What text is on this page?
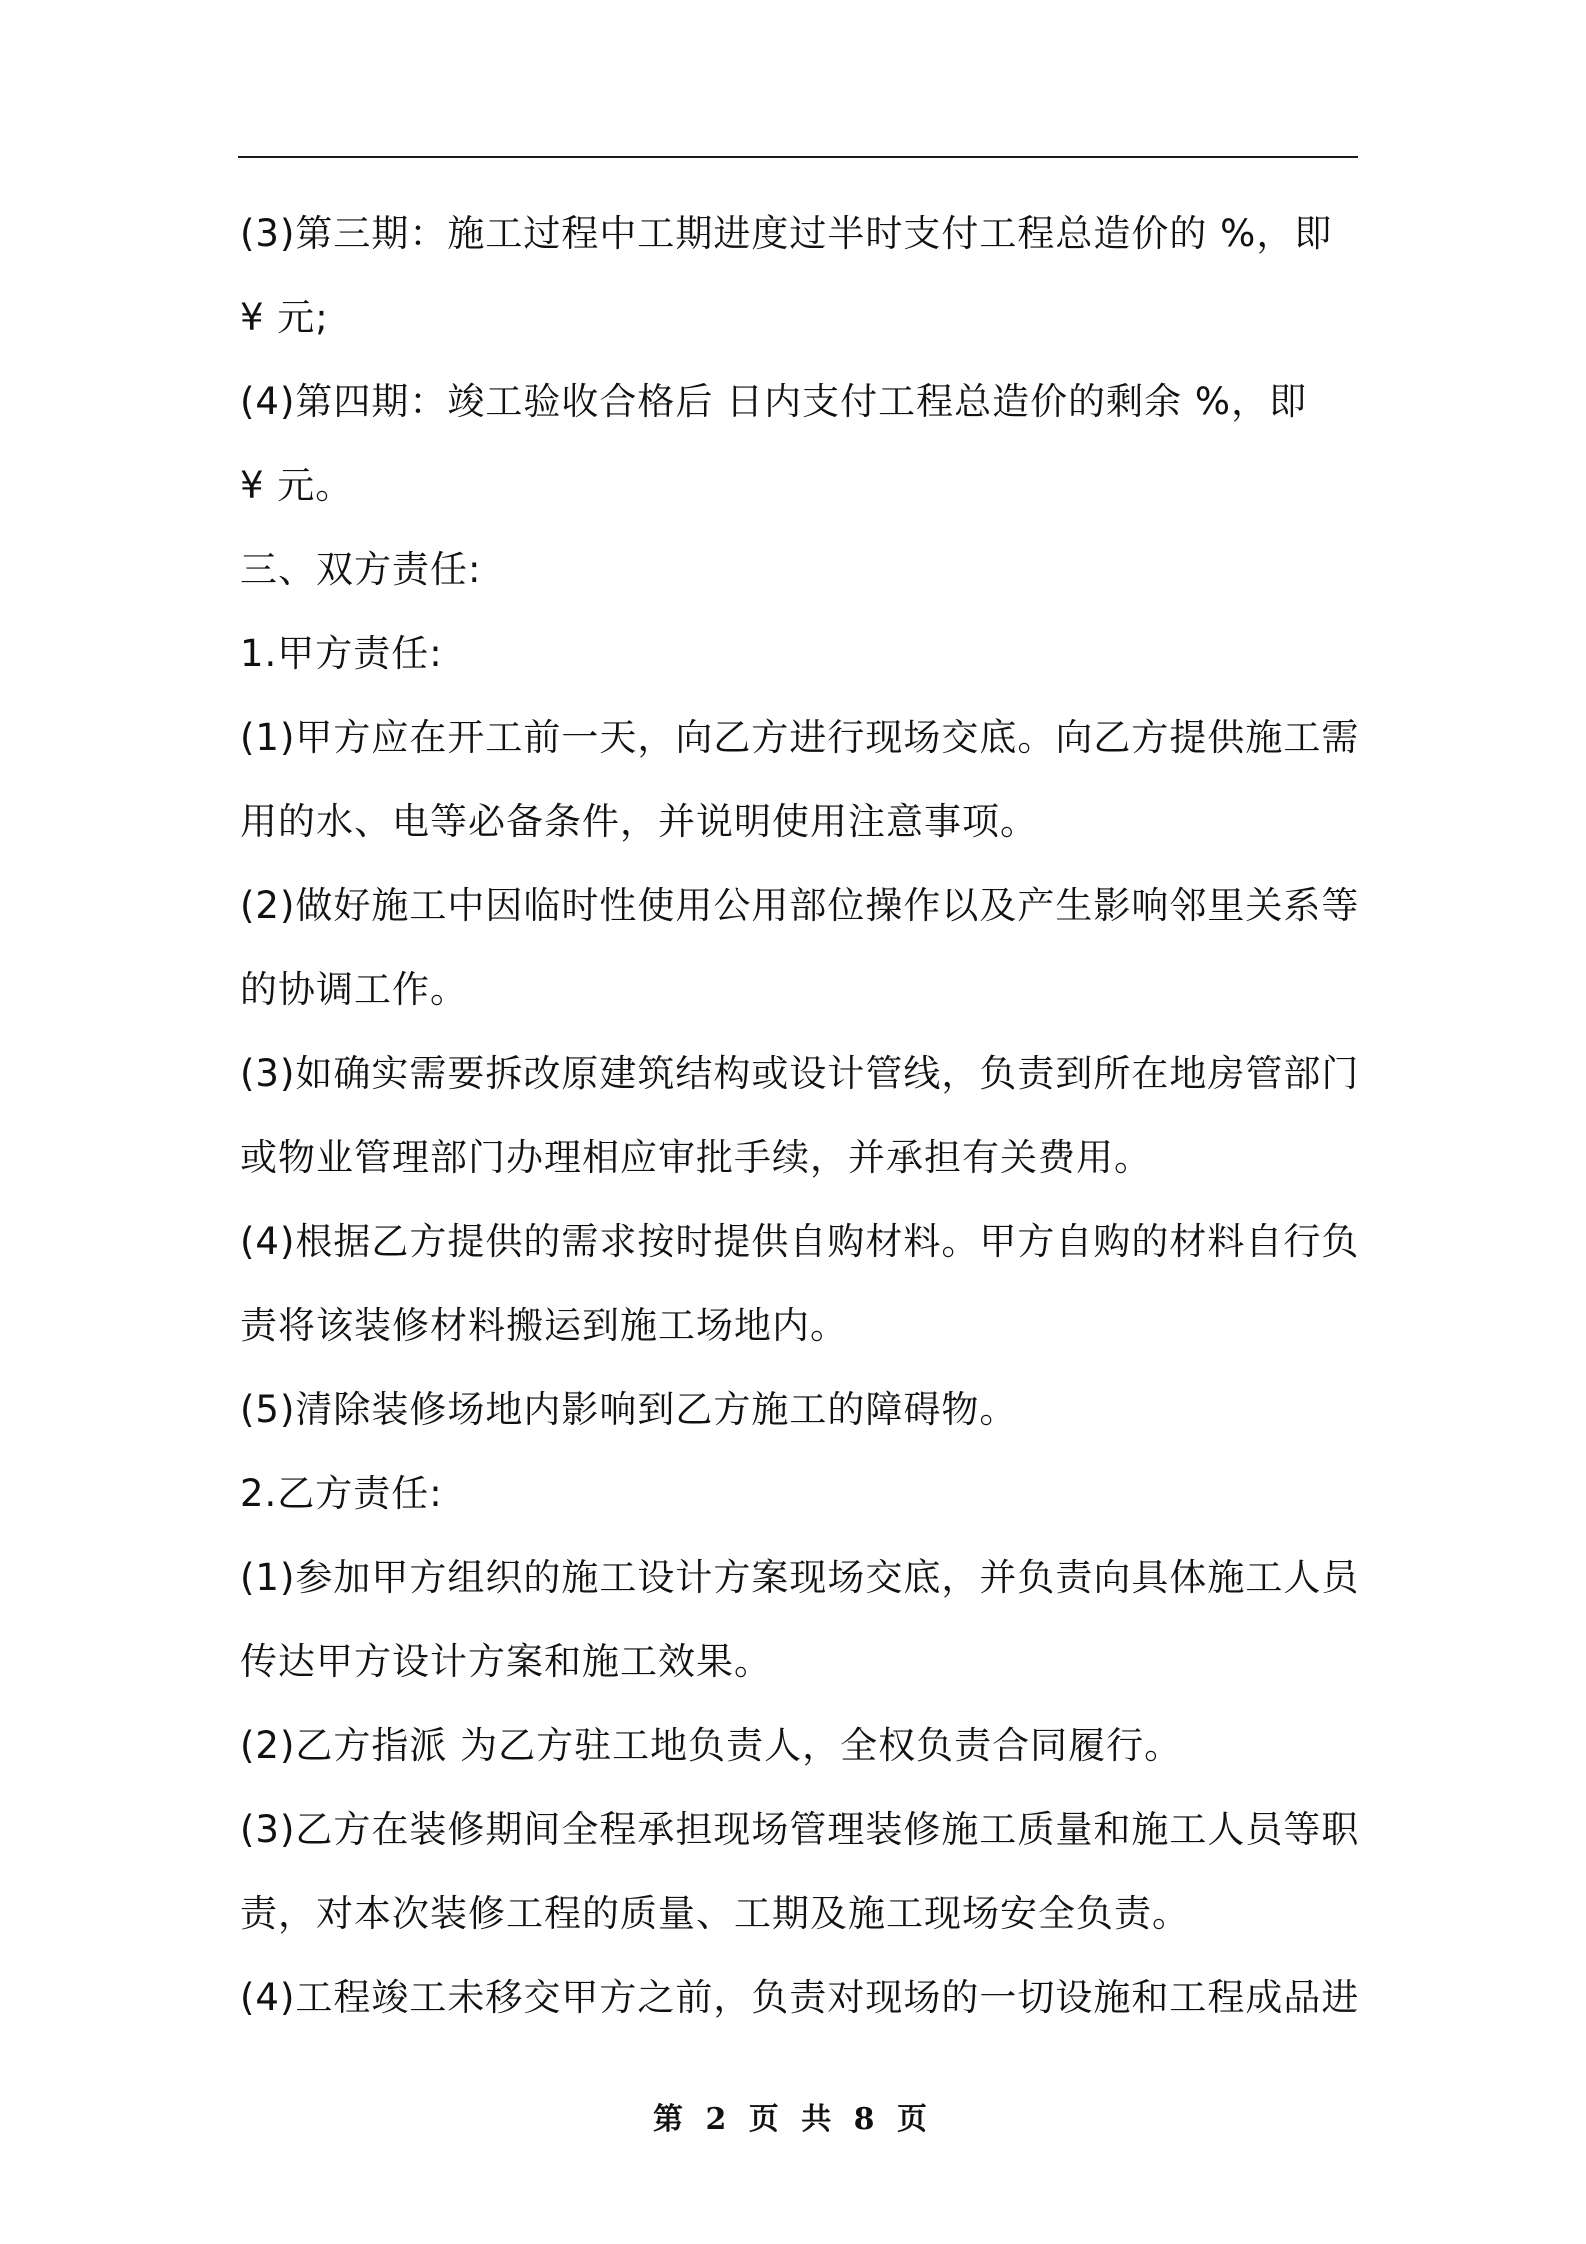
(3)第三期：施工过程中工期进度过半时支付工程总造价的 %，即
¥ 元;
(4)第四期：竣工验收合格后 日内支付工程总造价的剩余 %，即
¥ 元。
三、双方责任:
1.甲方责任:
(1)甲方应在开工前一天，向乙方进行现场交底。向乙方提供施工需
用的水、电等必备条件，并说明使用注意事项。
(2)做好施工中因临时性使用公用部位操作以及产生影响邻里关系等
的协调工作。
(3)如确实需要拆改原建筑结构或设计管线，负责到所在地房管部门
或物业管理部门办理相应审批手续，并承担有关费用。
(4)根据乙方提供的需求按时提供自购材料。甲方自购的材料自行负
责将该装修材料搬运到施工场地内。
(5)清除装修场地内影响到乙方施工的障碍物。
2.乙方责任:
(1)参加甲方组织的施工设计方案现场交底，并负责向具体施工人员
传达甲方设计方案和施工效果。
(2)乙方指派 为乙方驻工地负责人，全权负责合同履行。
(3)乙方在装修期间全程承担现场管理装修施工质量和施工人员等职
责，对本次装修工程的质量、工期及施工现场安全负责。
(4)工程竣工未移交甲方之前，负责对现场的一切设施和工程成品进
第 2 页 共 8 页
